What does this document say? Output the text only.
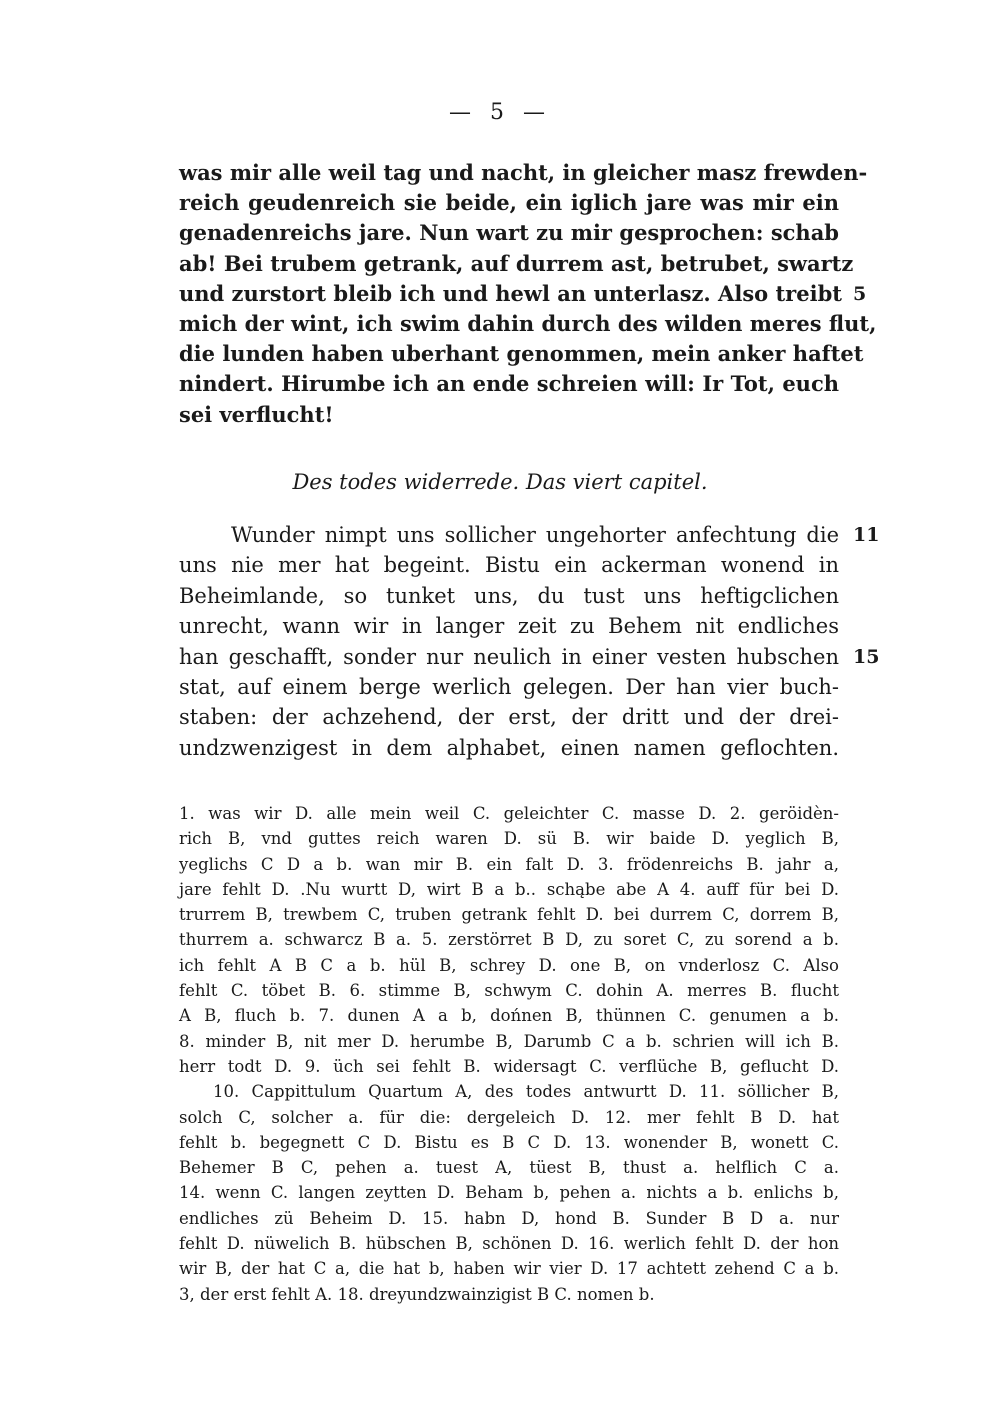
— 5 —
was mir alle weil tag und nacht, in gleicher masz frewden-
reich geudenreich sie beide, ein iglich jare was mir ein
genadenreichs jare. Nun wart zu mir gesprochen: schab
ab! Bei trubem getrank, auf durrem ast, betrubet, swartz
und zurstort bleib ich und hewl an unterlasz. Also treibt 5
mich der wint, ich swim dahin durch des wilden meres flut,
die lunden haben uberhant genommen, mein anker haftet
nindert. Hirumbe ich an ende schreien will: Ir Tot, euch
sei verflucht!
Des todes widerrede. Das viert capitel.
Wunder nimpt uns sollicher ungehorter anfechtung die 11
uns nie mer hat begeint. Bistu ein ackerman wonend in
Beheimlande, so tunket uns, du tust uns heftigclichen
unrecht, wann wir in langer zeit zu Behem nit endliches
han geschafft, sonder nur neulich in einer vesten hubschen 15
stat, auf einem berge werlich gelegen. Der han vier buch-
staben: der achzehend, der erst, der dritt und der drei-
undzwenzigest in dem alphabet, einen namen geflochten.
1. was wir D. alle mein weil C. geleichter C. masse D. 2. geröidèn-
rich B, vnd guttes reich waren D. sü B. wir baide D. yeglich B,
yeglichs C D a b. wan mir B. ein falt D. 3. frödenreichs B. jahr a,
jare fehlt D. .Nu wurtt D, wirt B a b.. schąbe abe A 4. auff für bei D.
trurrem B, trewbem C, truben getrank fehlt D. bei durrem C, dorrem B,
thurrem a. schwarcz B a. 5. zerstörret B D, zu soret C, zu sorend a b.
ich fehlt A B C a b. hül B, schrey D. one B, on vnderlosz C. Also
fehlt C. töbet B. 6. stimme B, schwym C. dohin A. merres B. flucht
A B, fluch b. 7. dunen A a b, dońnen B, thünnen C. genumen a b.
8. minder B, nit mer D. herumbe B, Darumb C a b. schrien will ich B.
herr todt D. 9. üch sei fehlt B. widersagt C. verflüche B, geflucht D.
10. Cappittulum Quartum A, des todes antwurtt D. 11. söllicher B,
solch C, solcher a. für die: dergeleich D. 12. mer fehlt B D. hat
fehlt b. begegnett C D. Bistu es B C D. 13. wonender B, wonett C.
Behemer B C, pehen a. tuest A, tüest B, thust a. helflich C a.
14. wenn C. langen zeytten D. Beham b, pehen a. nichts a b. enlichs b,
endliches zü Beheim D. 15. habn D, hond B. Sunder B D a. nur
fehlt D. nüwelich B. hübschen B, schönen D. 16. werlich fehlt D. der hon
wir B, der hat C a, die hat b, haben wir vier D. 17 achtett zehend C a b.
3, der erst fehlt A. 18. dreyundzwainzigist B C. nomen b.
